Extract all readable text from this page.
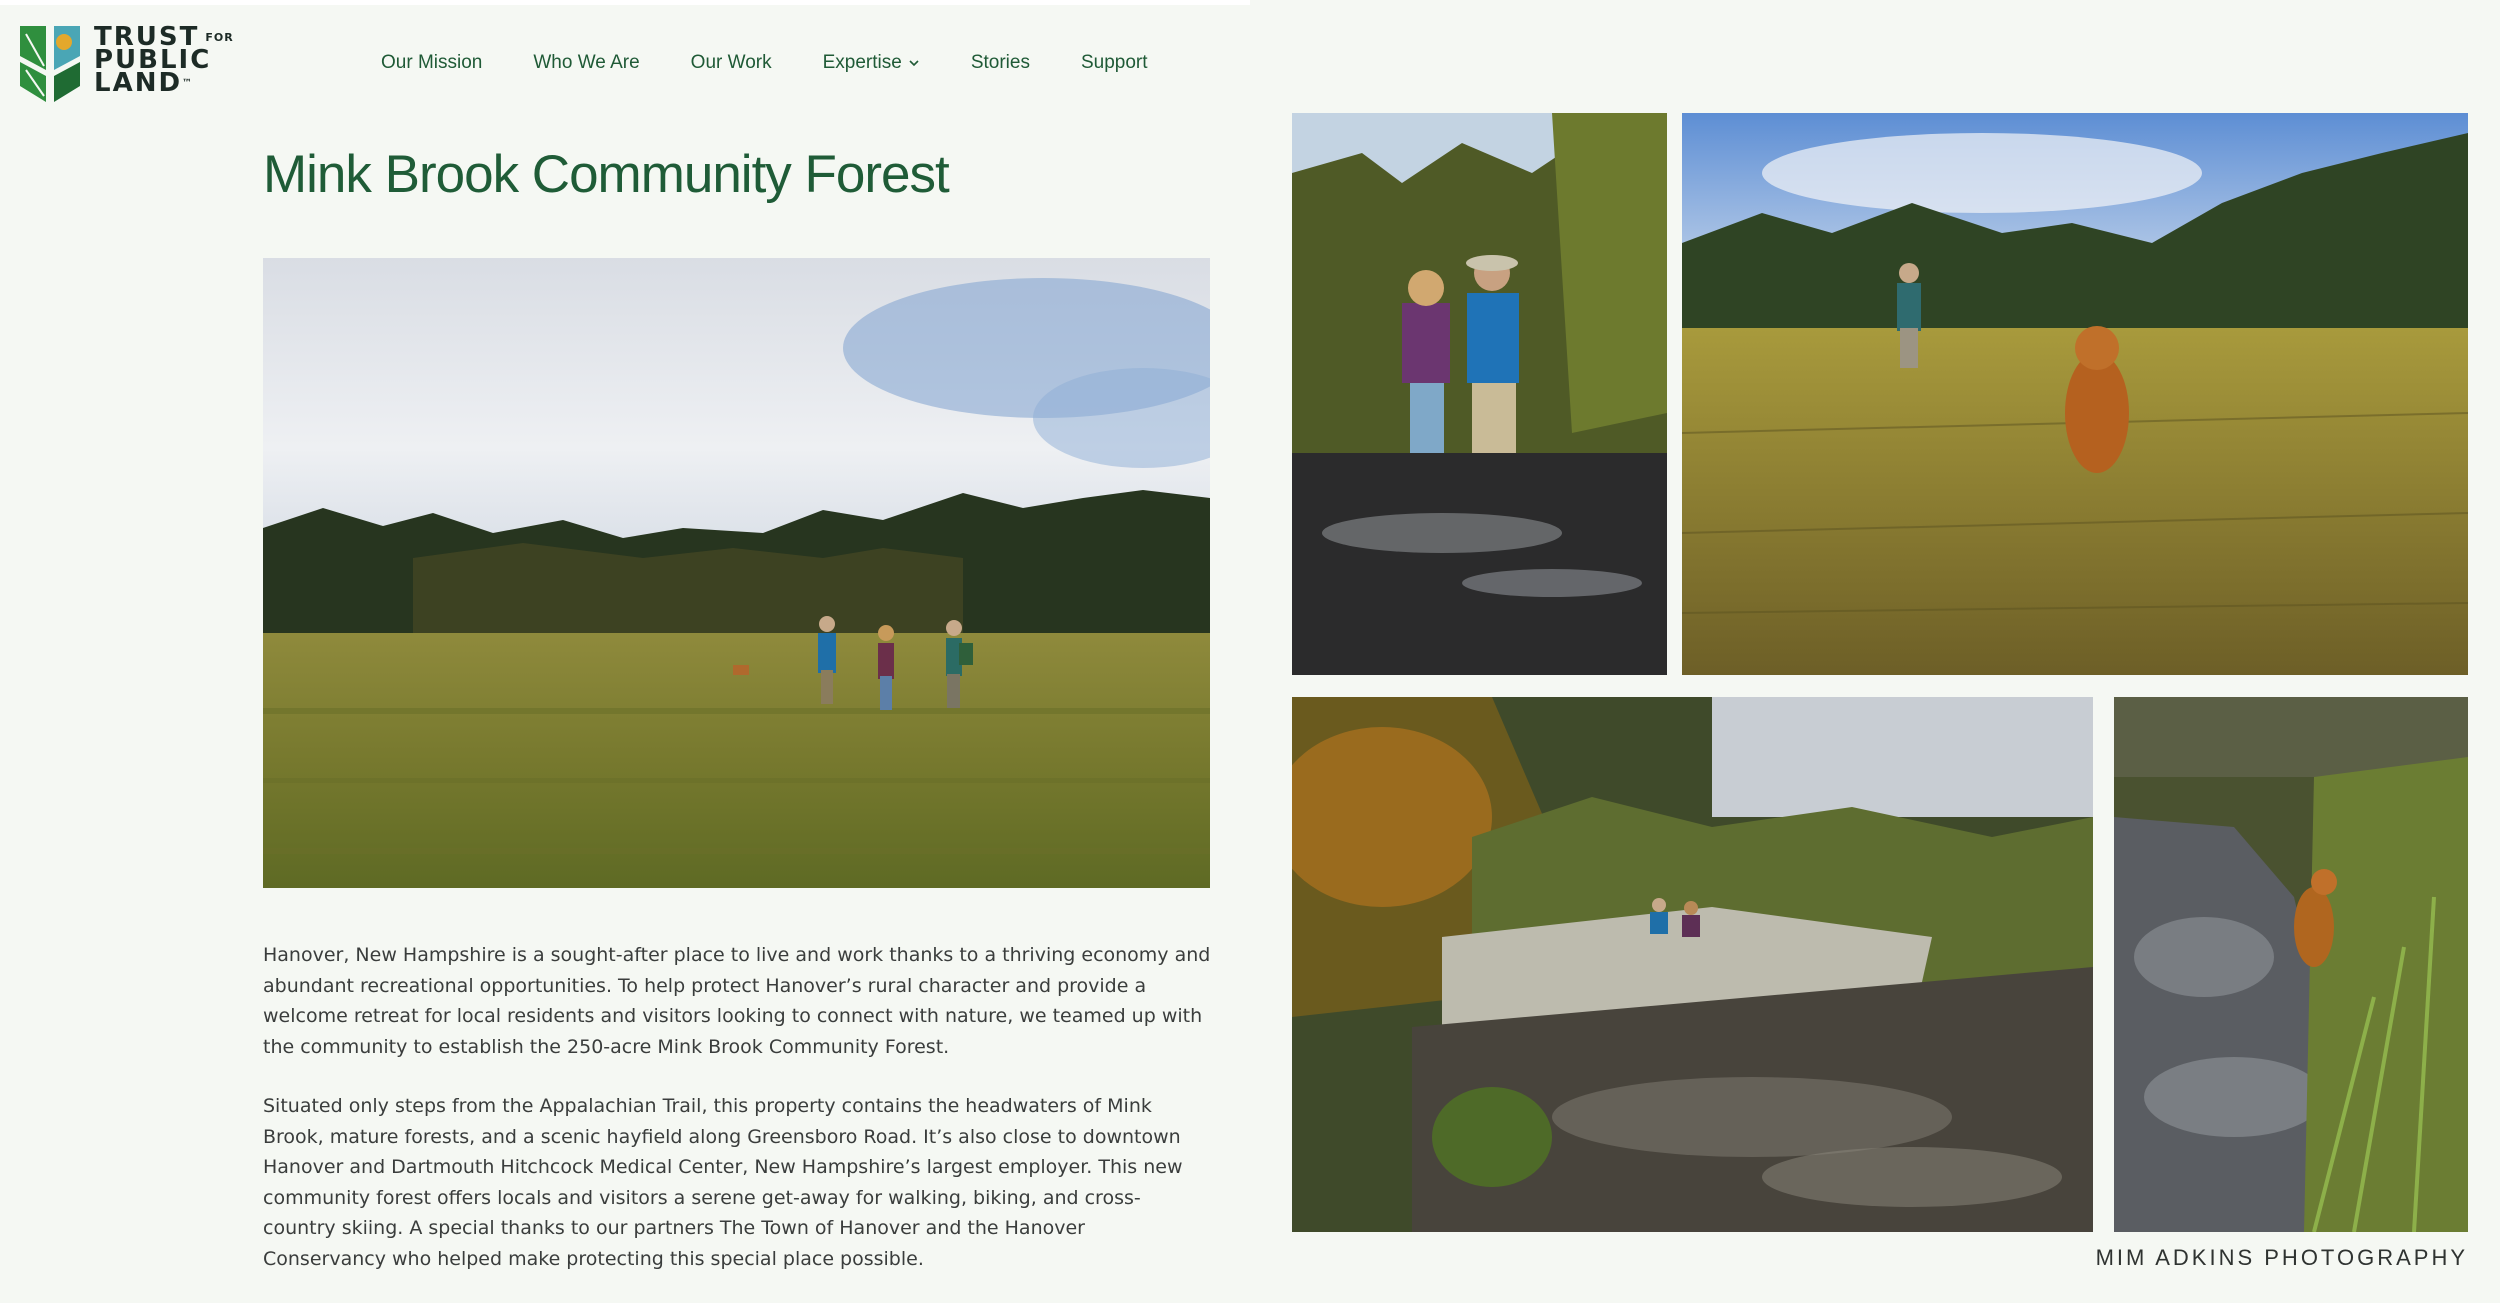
TRUST $^{FOR}$
PUBLIC
LAND™
Our Mission	Who We Are	Our Work	Expertise	Stories	Support
Mink Brook Community Forest

Hanover, New Hampshire is a sought-after place to live and work thanks to a thriving economy and abundant recreational opportunities. To help protect Hanover’s rural character and provide a welcome retreat for local residents and visitors looking to connect with nature, we teamed up with the community to establish the 250-acre Mink Brook Community Forest.

Situated only steps from the Appalachian Trail, this property contains the headwaters of Mink Brook, mature forests, and a scenic hayfield along Greensboro Road. It’s also close to downtown Hanover and Dartmouth Hitchcock Medical Center, New Hampshire’s largest employer. This new community forest offers locals and visitors a serene get-away for walking, biking, and cross-country skiing. A special thanks to our partners The Town of Hanover and the Hanover Conservancy who helped make protecting this special place possible.	MIM ADKINS PHOTOGRAPHY
